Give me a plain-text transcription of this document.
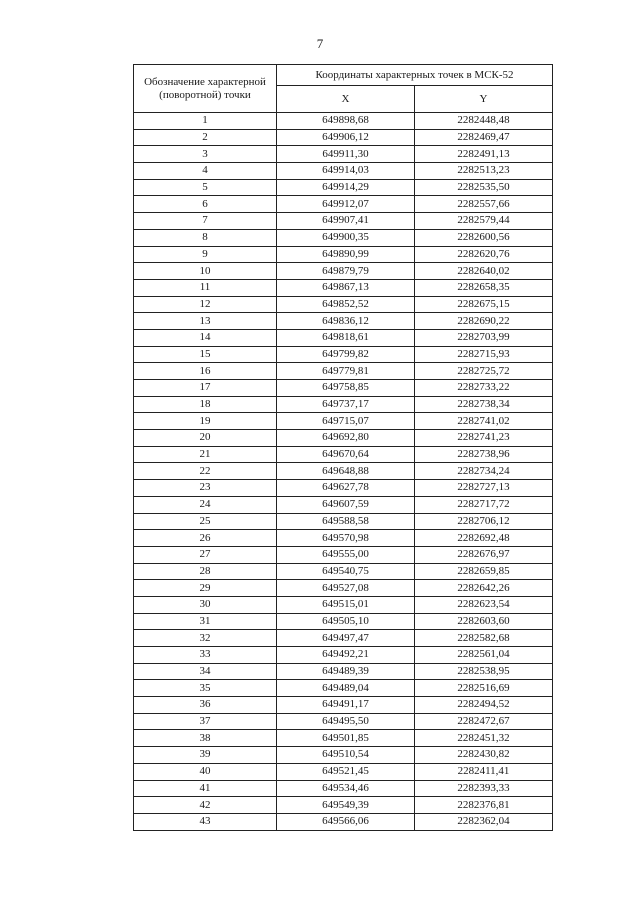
7
Обозначение характерной (поворотной) точки	Координаты характерных точек в МСК-52	
	X	Y
1	649898,68	2282448,48
2	649906,12	2282469,47
3	649911,30	2282491,13
4	649914,03	2282513,23
5	649914,29	2282535,50
6	649912,07	2282557,66
7	649907,41	2282579,44
8	649900,35	2282600,56
9	649890,99	2282620,76
10	649879,79	2282640,02
11	649867,13	2282658,35
12	649852,52	2282675,15
13	649836,12	2282690,22
14	649818,61	2282703,99
15	649799,82	2282715,93
16	649779,81	2282725,72
17	649758,85	2282733,22
18	649737,17	2282738,34
19	649715,07	2282741,02
20	649692,80	2282741,23
21	649670,64	2282738,96
22	649648,88	2282734,24
23	649627,78	2282727,13
24	649607,59	2282717,72
25	649588,58	2282706,12
26	649570,98	2282692,48
27	649555,00	2282676,97
28	649540,75	2282659,85
29	649527,08	2282642,26
30	649515,01	2282623,54
31	649505,10	2282603,60
32	649497,47	2282582,68
33	649492,21	2282561,04
34	649489,39	2282538,95
35	649489,04	2282516,69
36	649491,17	2282494,52
37	649495,50	2282472,67
38	649501,85	2282451,32
39	649510,54	2282430,82
40	649521,45	2282411,41
41	649534,46	2282393,33
42	649549,39	2282376,81
43	649566,06	2282362,04
